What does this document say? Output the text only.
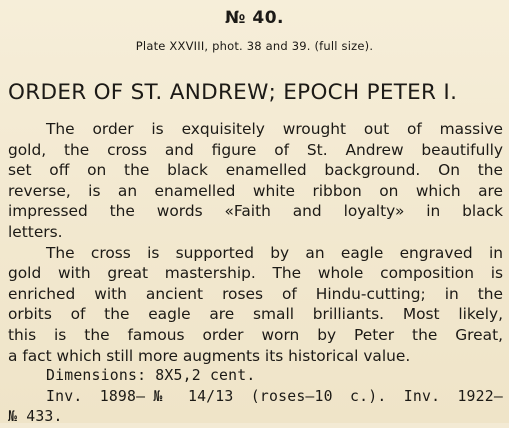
№ 40.
Plate XXVIII, phot. 38 and 39. (full size).
ORDER OF ST. ANDREW; EPOCH PETER I.
The order is exquisitely wrought out of massive
gold, the cross and figure of St. Andrew beautifully
set off on the black enamelled background. On the
reverse, is an enamelled white ribbon on which are
impressed the words «Faith and loyalty» in black
letters.
The cross is supported by an eagle engraved in
gold with great mastership. The whole composition is
enriched with ancient roses of Hindu-cutting; in the
orbits of the eagle are small brilliants. Most likely,
this is the famous order worn by Peter the Great,
a fact which still more augments its historical value.
Dimensions: 8X5,2 cent.
Inv. 1898—№ 14/13 (roses—10 c.). Inv. 1922—
№ 433.
